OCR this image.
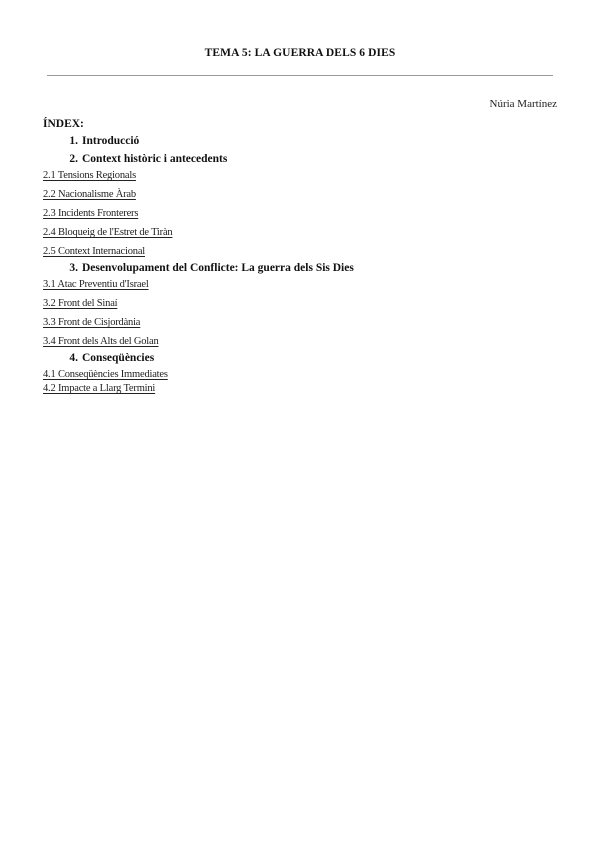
TEMA 5: LA GUERRA DELS 6 DIES
Núria Martínez
ÍNDEX:
1. Introducció
2. Context històric i antecedents
2.1 Tensions Regionals
2.2 Nacionalisme Àrab
2.3 Incidents Fronterers
2.4 Bloqueig de l'Estret de Tiràn
2.5 Context Internacional
3. Desenvolupament del Conflicte: La guerra dels Sis Dies
3.1 Atac Preventiu d'Israel
3.2 Front del Sinaí
3.3 Front de Cisjordània
3.4 Front dels Alts del Golan
4. Conseqüències
4.1 Conseqüències Immediates
4.2 Impacte a Llarg Termini
